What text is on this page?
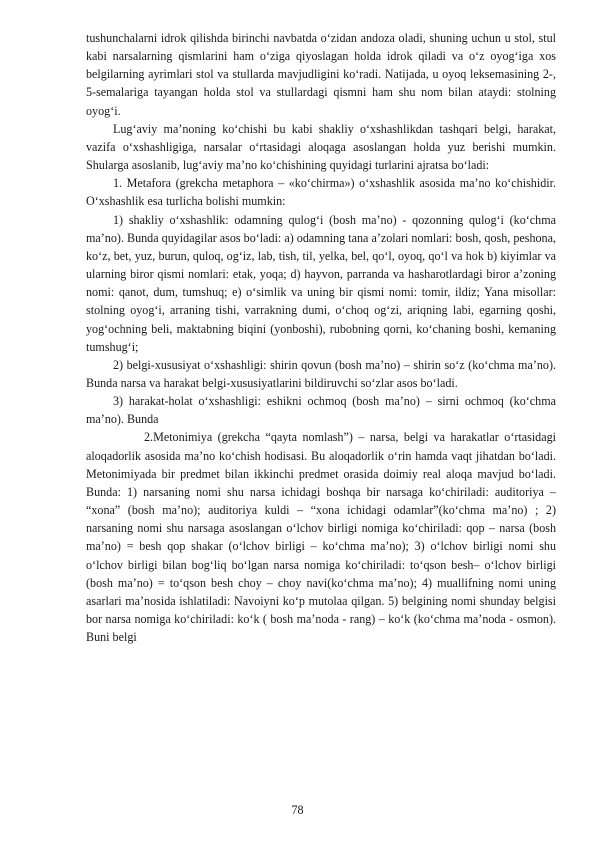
tushunchalarni idrok qilishda birinchi navbatda o‘zidan andoza oladi, shuning uchun u stol, stul kabi narsalarning qismlarini ham o‘ziga qiyoslagan holda idrok qiladi va o‘z oyog‘iga xos belgilarning ayrimlari stol va stullarda mavjudligini ko‘radi. Natijada, u oyoq leksemasining 2-, 5-semalariga tayangan holda stol va stullardagi qismni ham shu nom bilan ataydi: stolning oyog‘i.

Lug‘aviy ma’noning ko‘chishi bu kabi shakliy o‘xshashlikdan tashqari belgi, harakat, vazifa o‘xshashligiga, narsalar o‘rtasidagi aloqaga asoslangan holda yuz berishi mumkin. Shularga asoslanib, lug‘aviy ma’no ko‘chishining quyidagi turlarini ajratsa bo‘ladi:

1. Metafora (grekcha metaphora – «ko‘chirma») o‘xshashlik asosida ma’no ko‘chishidir. O‘xshashlik esa turlicha bolishi mumkin:

1) shakliy o‘xshashlik: odamning qulog‘i (bosh ma’no) - qozonning qulog‘i (ko‘chma ma’no). Bunda quyidagilar asos bo‘ladi: a) odamning tana a’zolari nomlari: bosh, qosh, peshona, ko‘z, bet, yuz, burun, quloq, og‘iz, lab, tish, til, yelka, bel, qo‘l, oyoq, qo‘l va hok b) kiyimlar va ularning biror qismi nomlari: etak, yoqa; d) hayvon, parranda va hasharotlardagi biror a’zoning nomi: qanot, dum, tumshuq; e) o‘simlik va uning bir qismi nomi: tomir, ildiz; Yana misollar: stolning oyog‘i, arraning tishi, varrakning dumi, o‘choq og‘zi, ariqning labi, egarning qoshi, yog‘ochning beli, maktabning biqini (yonboshi), rubobning qorni, ko‘chaning boshi, kemaning tumshug‘i;

2) belgi-xususiyat o‘xshashligi: shirin qovun (bosh ma’no) – shirin so‘z (ko‘chma ma’no). Bunda narsa va harakat belgi-xususiyatlarini bildiruvchi so‘zlar asos bo‘ladi.

3) harakat-holat o‘xshashligi: eshikni ochmoq (bosh ma’no) – sirni ochmoq (ko‘chma ma’no). Bunda

2.Metonimiya (grekcha “qayta nomlash”) – narsa, belgi va harakatlar o‘rtasidagi aloqadorlik asosida ma’no ko‘chish hodisasi. Bu aloqadorlik o‘rin hamda vaqt jihatdan bo‘ladi. Metonimiyada bir predmet bilan ikkinchi predmet orasida doimiy real aloqa mavjud bo‘ladi. Bunda: 1) narsaning nomi shu narsa ichidagi boshqa bir narsaga ko‘chiriladi: auditoriya – “xona” (bosh ma’no); auditoriya kuldi – “xona ichidagi odamlar”(ko‘chma ma’no) ; 2) narsaning nomi shu narsaga asoslangan o‘lchov birligi nomiga ko‘chiriladi: qop – narsa (bosh ma’no) = besh qop shakar (o‘lchov birligi – ko‘chma ma’no); 3) o‘lchov birligi nomi shu o‘lchov birligi bilan bog‘liq bo‘lgan narsa nomiga ko‘chiriladi: to‘qson besh– o‘lchov birligi (bosh ma’no) = to‘qson besh choy – choy navi(ko‘chma ma’no); 4) muallifning nomi uning asarlari ma’nosida ishlatiladi: Navoiyni ko‘p mutolaa qilgan. 5) belgining nomi shunday belgisi bor narsa nomiga ko‘chiriladi: ko‘k ( bosh ma’noda - rang) – ko‘k (ko‘chma ma’noda - osmon). Buni belgi

78
